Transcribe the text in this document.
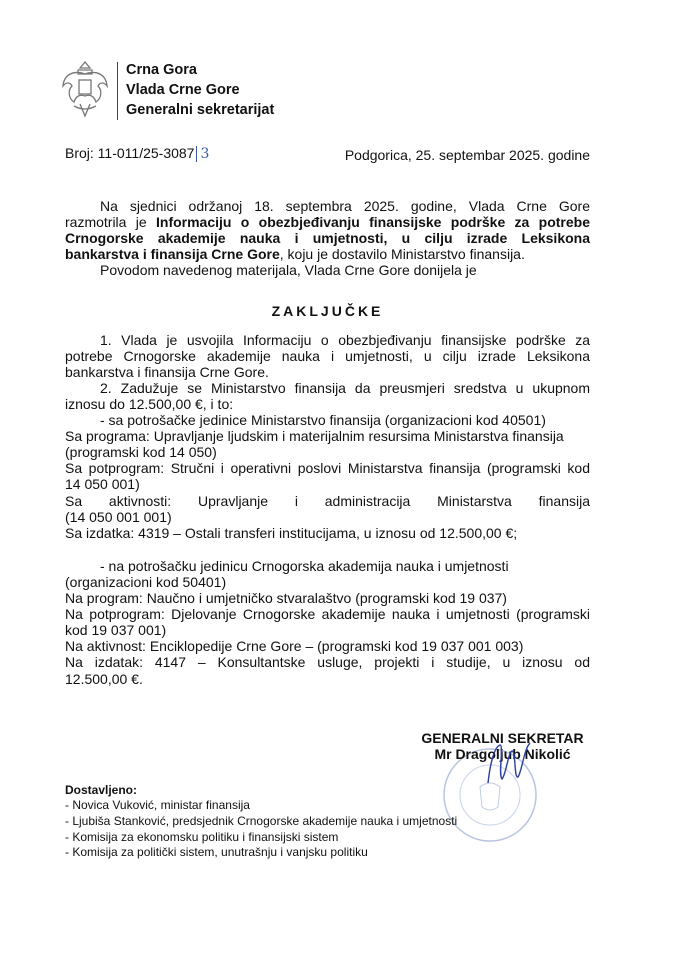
Crna Gora
Vlada Crne Gore
Generalni sekretarijat
Broj: 11-011/25-3087 3	Podgorica, 25. septembar 2025. godine
Na sjednici održanoj 18. septembra 2025. godine, Vlada Crne Gore
razmotrila je Informaciju o obezbjeđivanju finansijske podrške za potrebe
Crnogorske akademije nauka i umjetnosti, u cilju izrade Leksikona
bankarstva i finansija Crne Gore, koju je dostavilo Ministarstvo finansija.
Povodom navedenog materijala, Vlada Crne Gore donijela je
ZAKLJUČKE
1. Vlada je usvojila Informaciju o obezbjeđivanju finansijske podrške za
potrebe Crnogorske akademije nauka i umjetnosti, u cilju izrade Leksikona
bankarstva i finansija Crne Gore.
2. Zadužuje se Ministarstvo finansija da preusmjeri sredstva u ukupnom
iznosu do 12.500,00 €, i to:
- sa potrošačke jedinice Ministarstvo finansija (organizacioni kod 40501)
Sa programa: Upravljanje ljudskim i materijalnim resursima Ministarstva finansija
(programski kod 14 050)
Sa potprogram: Stručni i operativni poslovi Ministarstva finansija (programski kod
14 050 001)
Sa aktivnosti: Upravljanje i administracija Ministarstva finansija
(14 050 001 001)
Sa izdatka: 4319 – Ostali transferi institucijama, u iznosu od 12.500,00 €;
- na potrošačku jedinicu Crnogorska akademija nauka i umjetnosti
(organizacioni kod 50401)
Na program: Naučno i umjetničko stvaralaštvo (programski kod 19 037)
Na potprogram: Djelovanje Crnogorske akademije nauka i umjetnosti (programski
kod 19 037 001)
Na aktivnost: Enciklopedije Crne Gore – (programski kod 19 037 001 003)
Na izdatak: 4147 – Konsultantske usluge, projekti i studije, u iznosu od
12.500,00 €.
GENERALNI SEKRETAR
Mr Dragoljub Nikolić
Dostavljeno:
- Novica Vuković, ministar finansija
- Ljubiša Stanković, predsjednik Crnogorske akademije nauka i umjetnosti
- Komisija za ekonomsku politiku i finansijski sistem
- Komisija za politički sistem, unutrašnju i vanjsku politiku
